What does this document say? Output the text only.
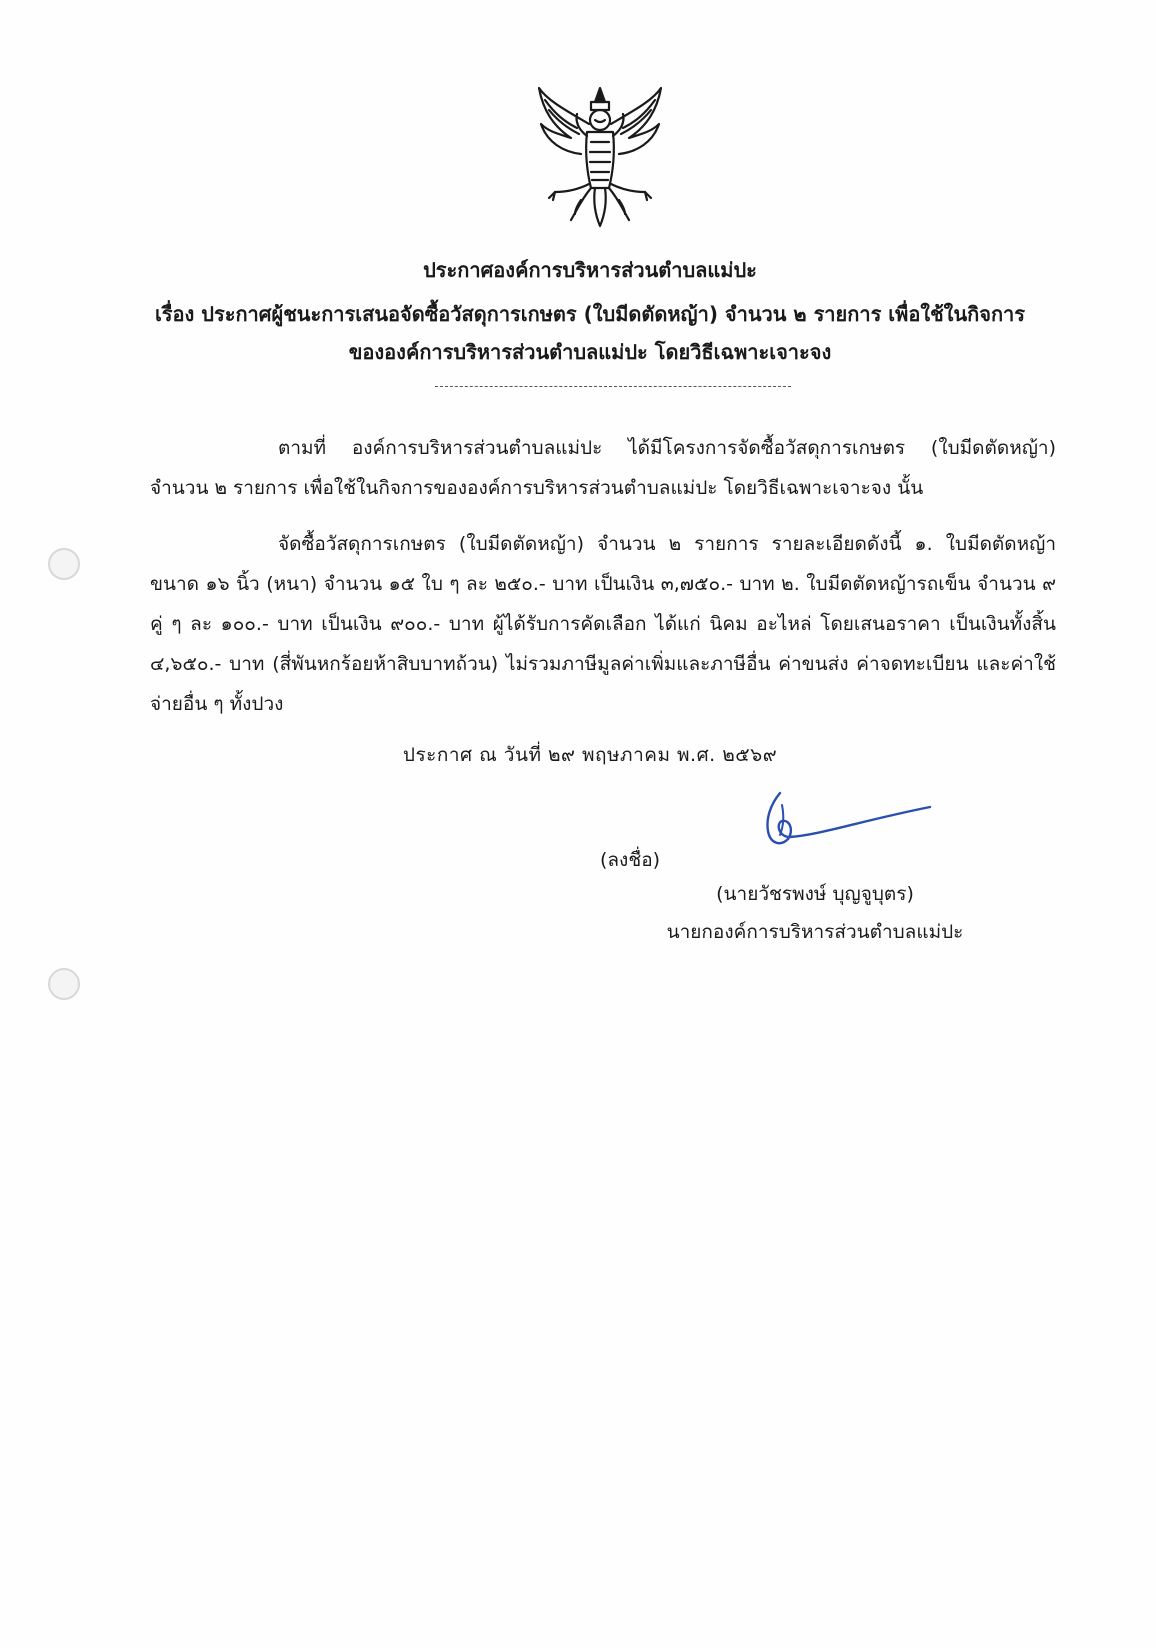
ประกาศองค์การบริหารส่วนตำบลแม่ปะ
เรื่อง ประกาศผู้ชนะการเสนอจัดซื้อวัสดุการเกษตร (ใบมีดตัดหญ้า) จำนวน ๒ รายการ เพื่อใช้ในกิจการ
ขององค์การบริหารส่วนตำบลแม่ปะ โดยวิธีเฉพาะเจาะจง
ตามที่ องค์การบริหารส่วนตำบลแม่ปะ ได้มีโครงการจัดซื้อวัสดุการเกษตร (ใบมีดตัดหญ้า) จำนวน ๒ รายการ เพื่อใช้ในกิจการขององค์การบริหารส่วนตำบลแม่ปะ โดยวิธีเฉพาะเจาะจง นั้น
จัดซื้อวัสดุการเกษตร (ใบมีดตัดหญ้า) จำนวน ๒ รายการ รายละเอียดดังนี้ ๑. ใบมีดตัดหญ้า ขนาด ๑๖ นิ้ว (หนา) จำนวน ๑๕ ใบ ๆ ละ ๒๕๐.- บาท เป็นเงิน ๓,๗๕๐.- บาท ๒. ใบมีดตัดหญ้ารถเข็น จำนวน ๙ คู่ ๆ ละ ๑๐๐.- บาท เป็นเงิน ๙๐๐.- บาท ผู้ได้รับการคัดเลือก ได้แก่ นิคม อะไหล่ โดยเสนอราคา เป็นเงินทั้งสิ้น ๔,๖๕๐.- บาท (สี่พันหกร้อยห้าสิบบาทถ้วน) ไม่รวมภาษีมูลค่าเพิ่มและภาษีอื่น ค่าขนส่ง ค่าจดทะเบียน และค่าใช้จ่ายอื่น ๆ ทั้งปวง
ประกาศ ณ วันที่ ๒๙ พฤษภาคม พ.ศ. ๒๕๖๙
(ลงชื่อ)
(นายวัชรพงษ์ บุญจูบุตร)
นายกองค์การบริหารส่วนตำบลแม่ปะ
